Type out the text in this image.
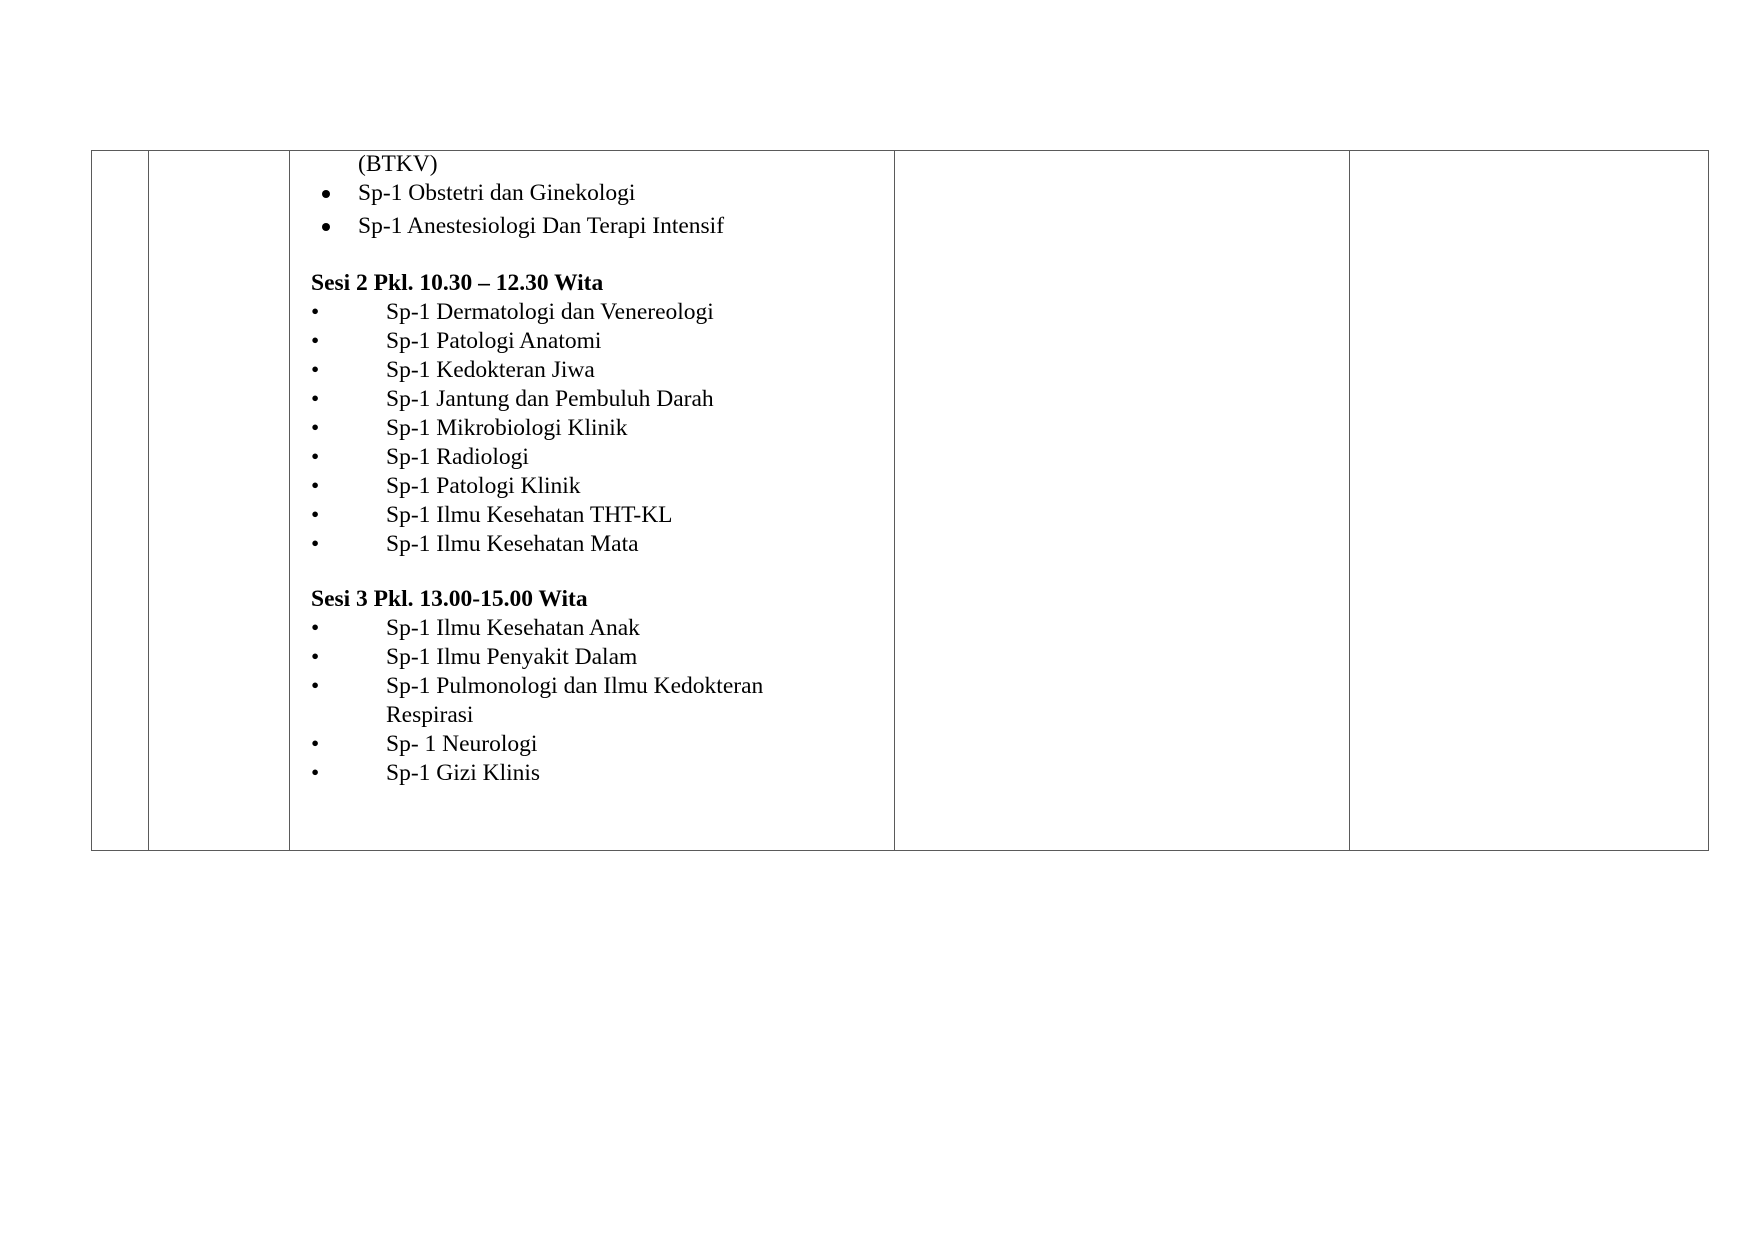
(BTKV)
Sp-1 Obstetri dan Ginekologi
Sp-1 Anestesiologi Dan Terapi Intensif
Sesi 2 Pkl. 10.30 – 12.30 Wita
•	Sp-1 Dermatologi dan Venereologi
•	Sp-1 Patologi Anatomi
•	Sp-1 Kedokteran Jiwa
•	Sp-1 Jantung dan Pembuluh Darah
•	Sp-1 Mikrobiologi Klinik
•	Sp-1 Radiologi
•	Sp-1 Patologi Klinik
•	Sp-1 Ilmu Kesehatan THT-KL
•	Sp-1 Ilmu Kesehatan Mata
Sesi 3 Pkl. 13.00-15.00 Wita
•	Sp-1 Ilmu Kesehatan Anak
•	Sp-1 Ilmu Penyakit Dalam
•	Sp-1 Pulmonologi dan Ilmu Kedokteran Respirasi
•	Sp- 1 Neurologi
•	Sp-1 Gizi Klinis
